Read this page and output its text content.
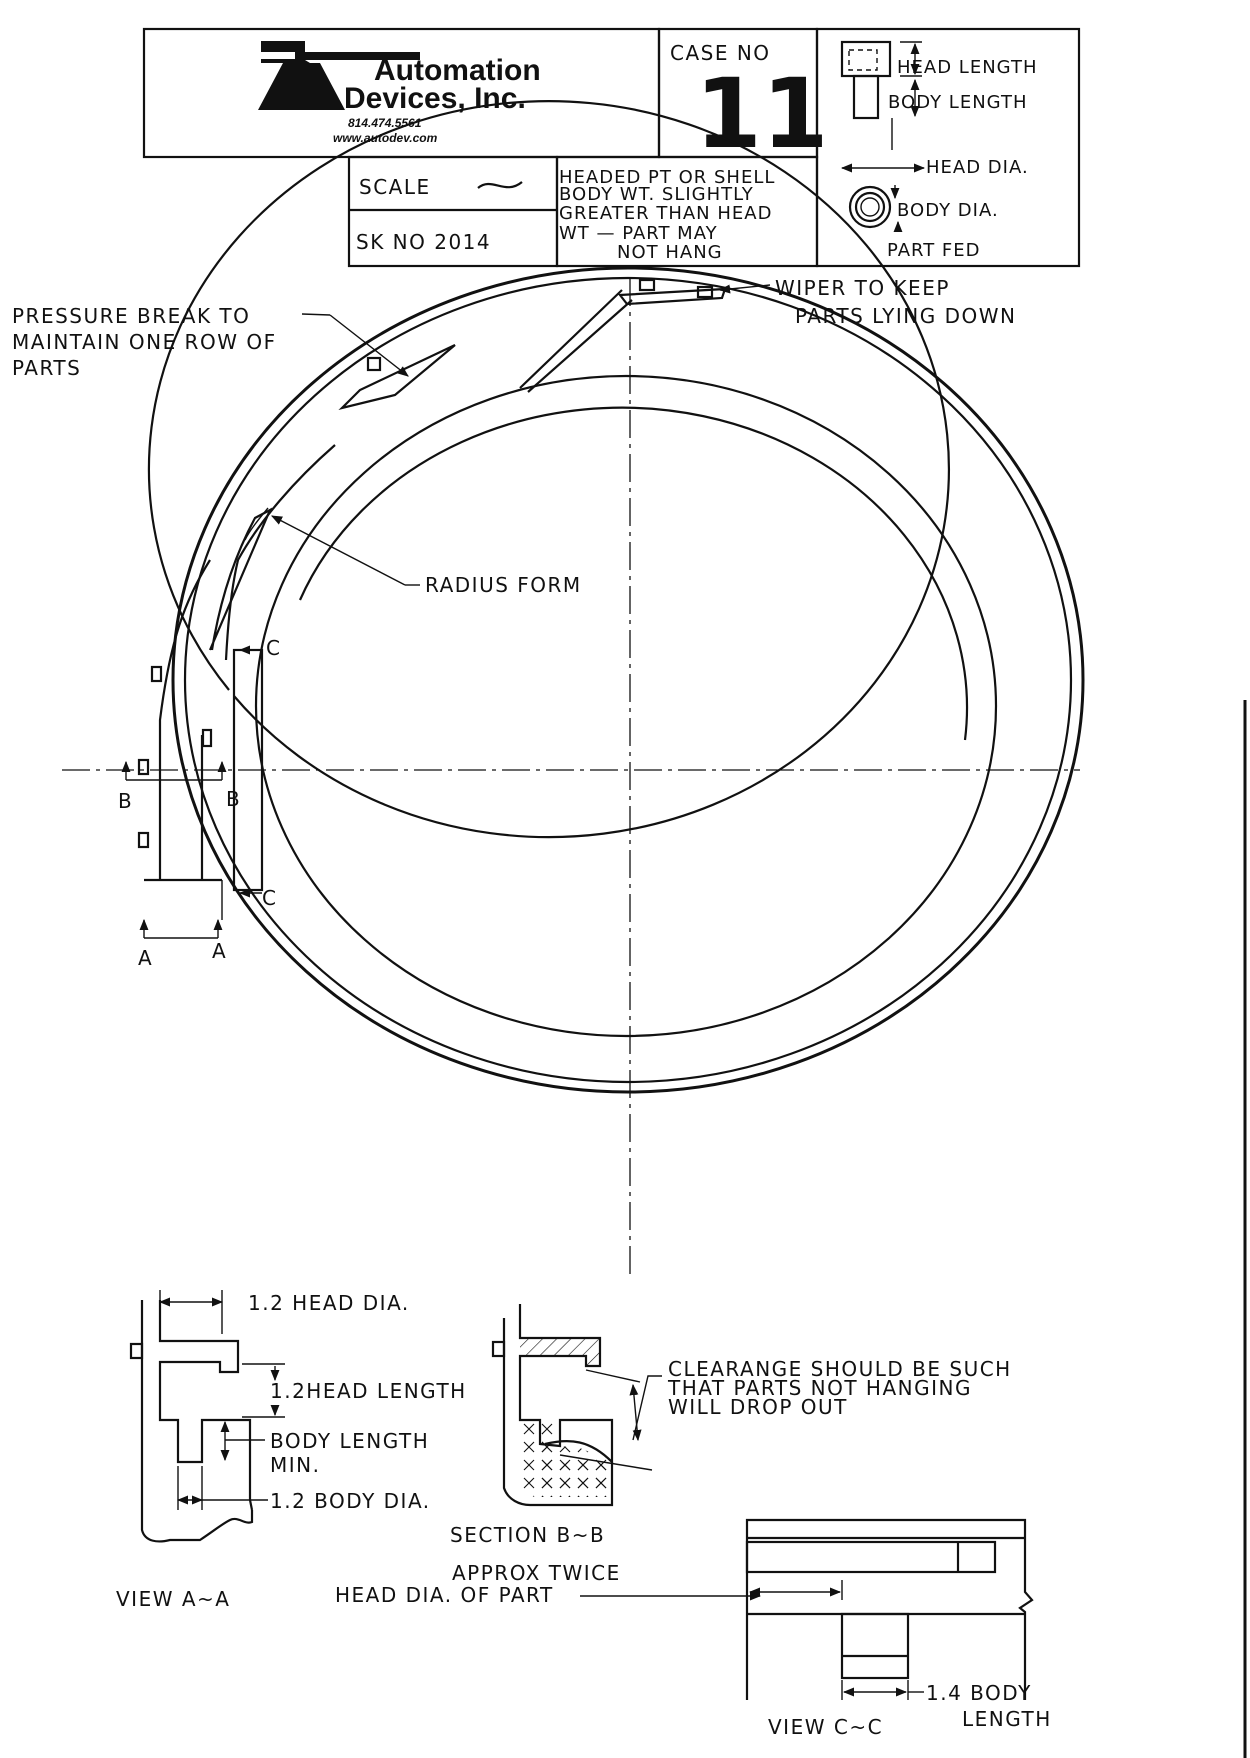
Automation
Devices, Inc.
814.474.5561
www.autodev.com
CASE NO
11
SCALE
SK NO 2014
HEADED PT OR SHELL
BODY WT. SLIGHTLY
GREATER THAN HEAD
WT — PART MAY
NOT HANG
HEAD LENGTH
BODY LENGTH
HEAD DIA.
BODY DIA.
PART FED
WIPER TO KEEP
PARTS LYING DOWN
PRESSURE BREAK TO
MAINTAIN ONE ROW OF
PARTS
RADIUS FORM
C
C
B	B
A	A
1.2 HEAD DIA.
1.2HEAD LENGTH
BODY LENGTH
MIN.
1.2 BODY DIA.
VIEW A~A
CLEARANGE SHOULD BE SUCH
THAT PARTS NOT HANGING
WILL DROP OUT
SECTION B~B
APPROX TWICE
HEAD DIA. OF PART
1.4 BODY
LENGTH
VIEW C~C
